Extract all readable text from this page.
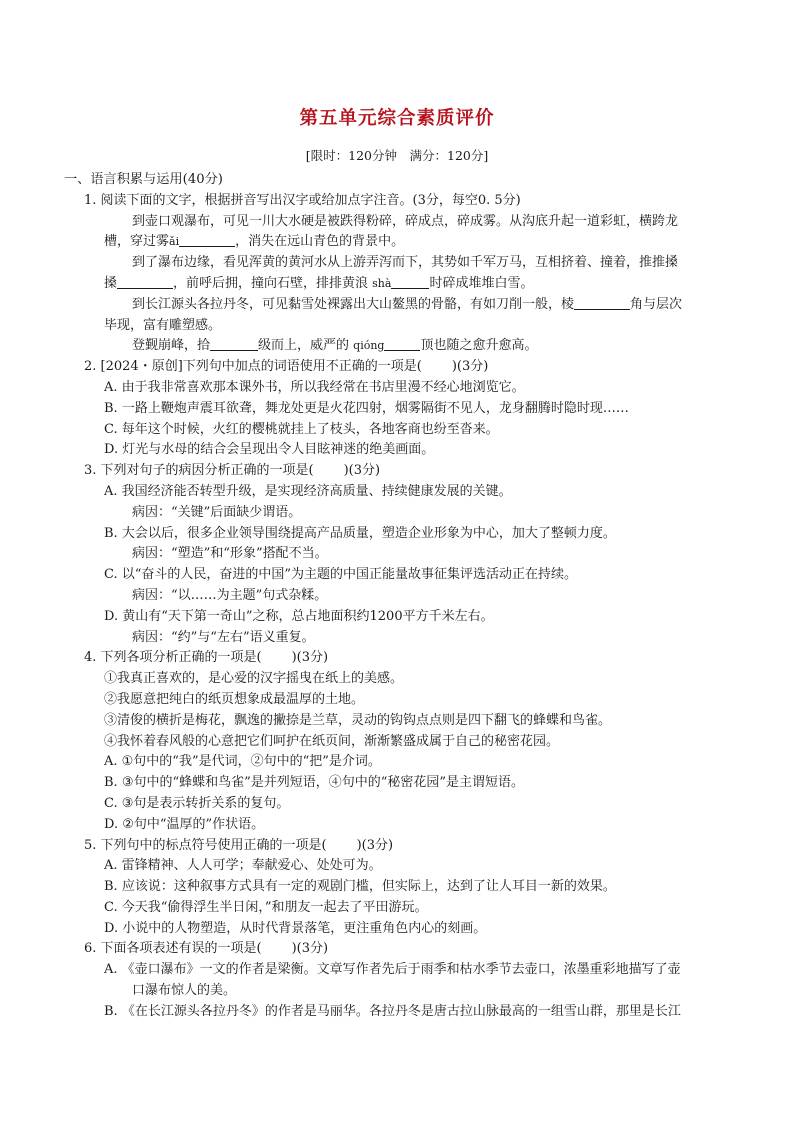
第五单元综合素质评价
[限时：120分钟　满分：120分]
一、语言积累与运用(40分)
1. 阅读下面的文字，根据拼音写出汉字或给加点字注音。(3分，每空0. 5分)
到壶口观瀑布，可见一川大水硬是被跌得粉碎，碎成点，碎成雾。从沟底升起一道彩虹，横跨龙
槽，穿过雾ǎi	，消失在远山青色的背景中。
到了瀑布边缘，看见浑黄的黄河水从上游弄泻而下，其势如千军万马，互相挤着、撞着，推推搡
搡	，前呼后拥，撞向石壁，排排黄浪 shà	时碎成堆堆白雪。
到长江源头各拉丹冬，可见黏雪处裸露出大山鳌黑的骨骼，有如刀削一般，棱	角与层次
毕现，富有雕塑感。
登觐崩峰，拾	级而上，威严的 qióng	顶也随之愈升愈高。
2. [2024・原创]下列句中加点的词语使用不正确的一项是( )(3分)
A. 由于我非常喜欢那本课外书，所以我经常在书店里漫不经心地浏览它。
B. 一路上鞭炮声震耳欲聋，舞龙处更是火花四射，烟雾隔街不见人，龙身翻腾时隐时现……
C. 每年这个时候，火红的樱桃就挂上了枝头，各地客商也纷至沓来。
D. 灯光与水母的结合会呈现出令人目眩神迷的绝美画面。
3. 下列对句子的病因分析正确的一项是( )(3分)
A. 我国经济能否转型升级，是实现经济高质量、持续健康发展的关键。
病因：“关键”后面缺少谓语。
B. 大会以后，很多企业领导围绕提高产品质量，塑造企业形象为中心，加大了整顿力度。
病因：“塑造”和“形象”搭配不当。
C. 以“奋斗的人民，奋进的中国”为主题的中国正能量故事征集评选活动正在持续。
病因：“以……为主题”句式杂糅。
D. 黄山有“天下第一奇山”之称，总占地面积约1200平方千米左右。
病因：“约”与“左右”语义重复。
4. 下列各项分析正确的一项是( )(3分)
①我真正喜欢的，是心爱的汉字摇曳在纸上的美感。
②我愿意把纯白的纸页想象成最温厚的土地。
③清俊的横折是梅花，飘逸的撇捺是兰草，灵动的钩钩点点则是四下翻飞的蜂蝶和鸟雀。
④我怀着春风般的心意把它们呵护在纸页间，渐渐繁盛成属于自己的秘密花园。
A. ①句中的“我”是代词，②句中的“把”是介词。
B. ③句中的“蜂蝶和鸟雀”是并列短语，④句中的“秘密花园”是主谓短语。
C. ③句是表示转折关系的复句。
D. ②句中“温厚的”作状语。
5. 下列句中的标点符号使用正确的一项是( )(3分)
A. 雷锋精神、人人可学；奉献爱心、处处可为。
B. 应该说：这种叙事方式具有一定的观剧门槛，但实际上，达到了让人耳目一新的效果。
C. 今天我“偷得浮生半日闲，”和朋友一起去了平田游玩。
D. 小说中的人物塑造，从时代背景落笔，更注重角色内心的刻画。
6. 下面各项表述有误的一项是( )(3分)
A. 《壶口瀑布》一文的作者是梁衡。文章写作者先后于雨季和枯水季节去壶口，浓墨重彩地描写了壶
口瀑布惊人的美。
B. 《在长江源头各拉丹冬》的作者是马丽华。各拉丹冬是唐古拉山脉最高的一组雪山群，那里是长江
